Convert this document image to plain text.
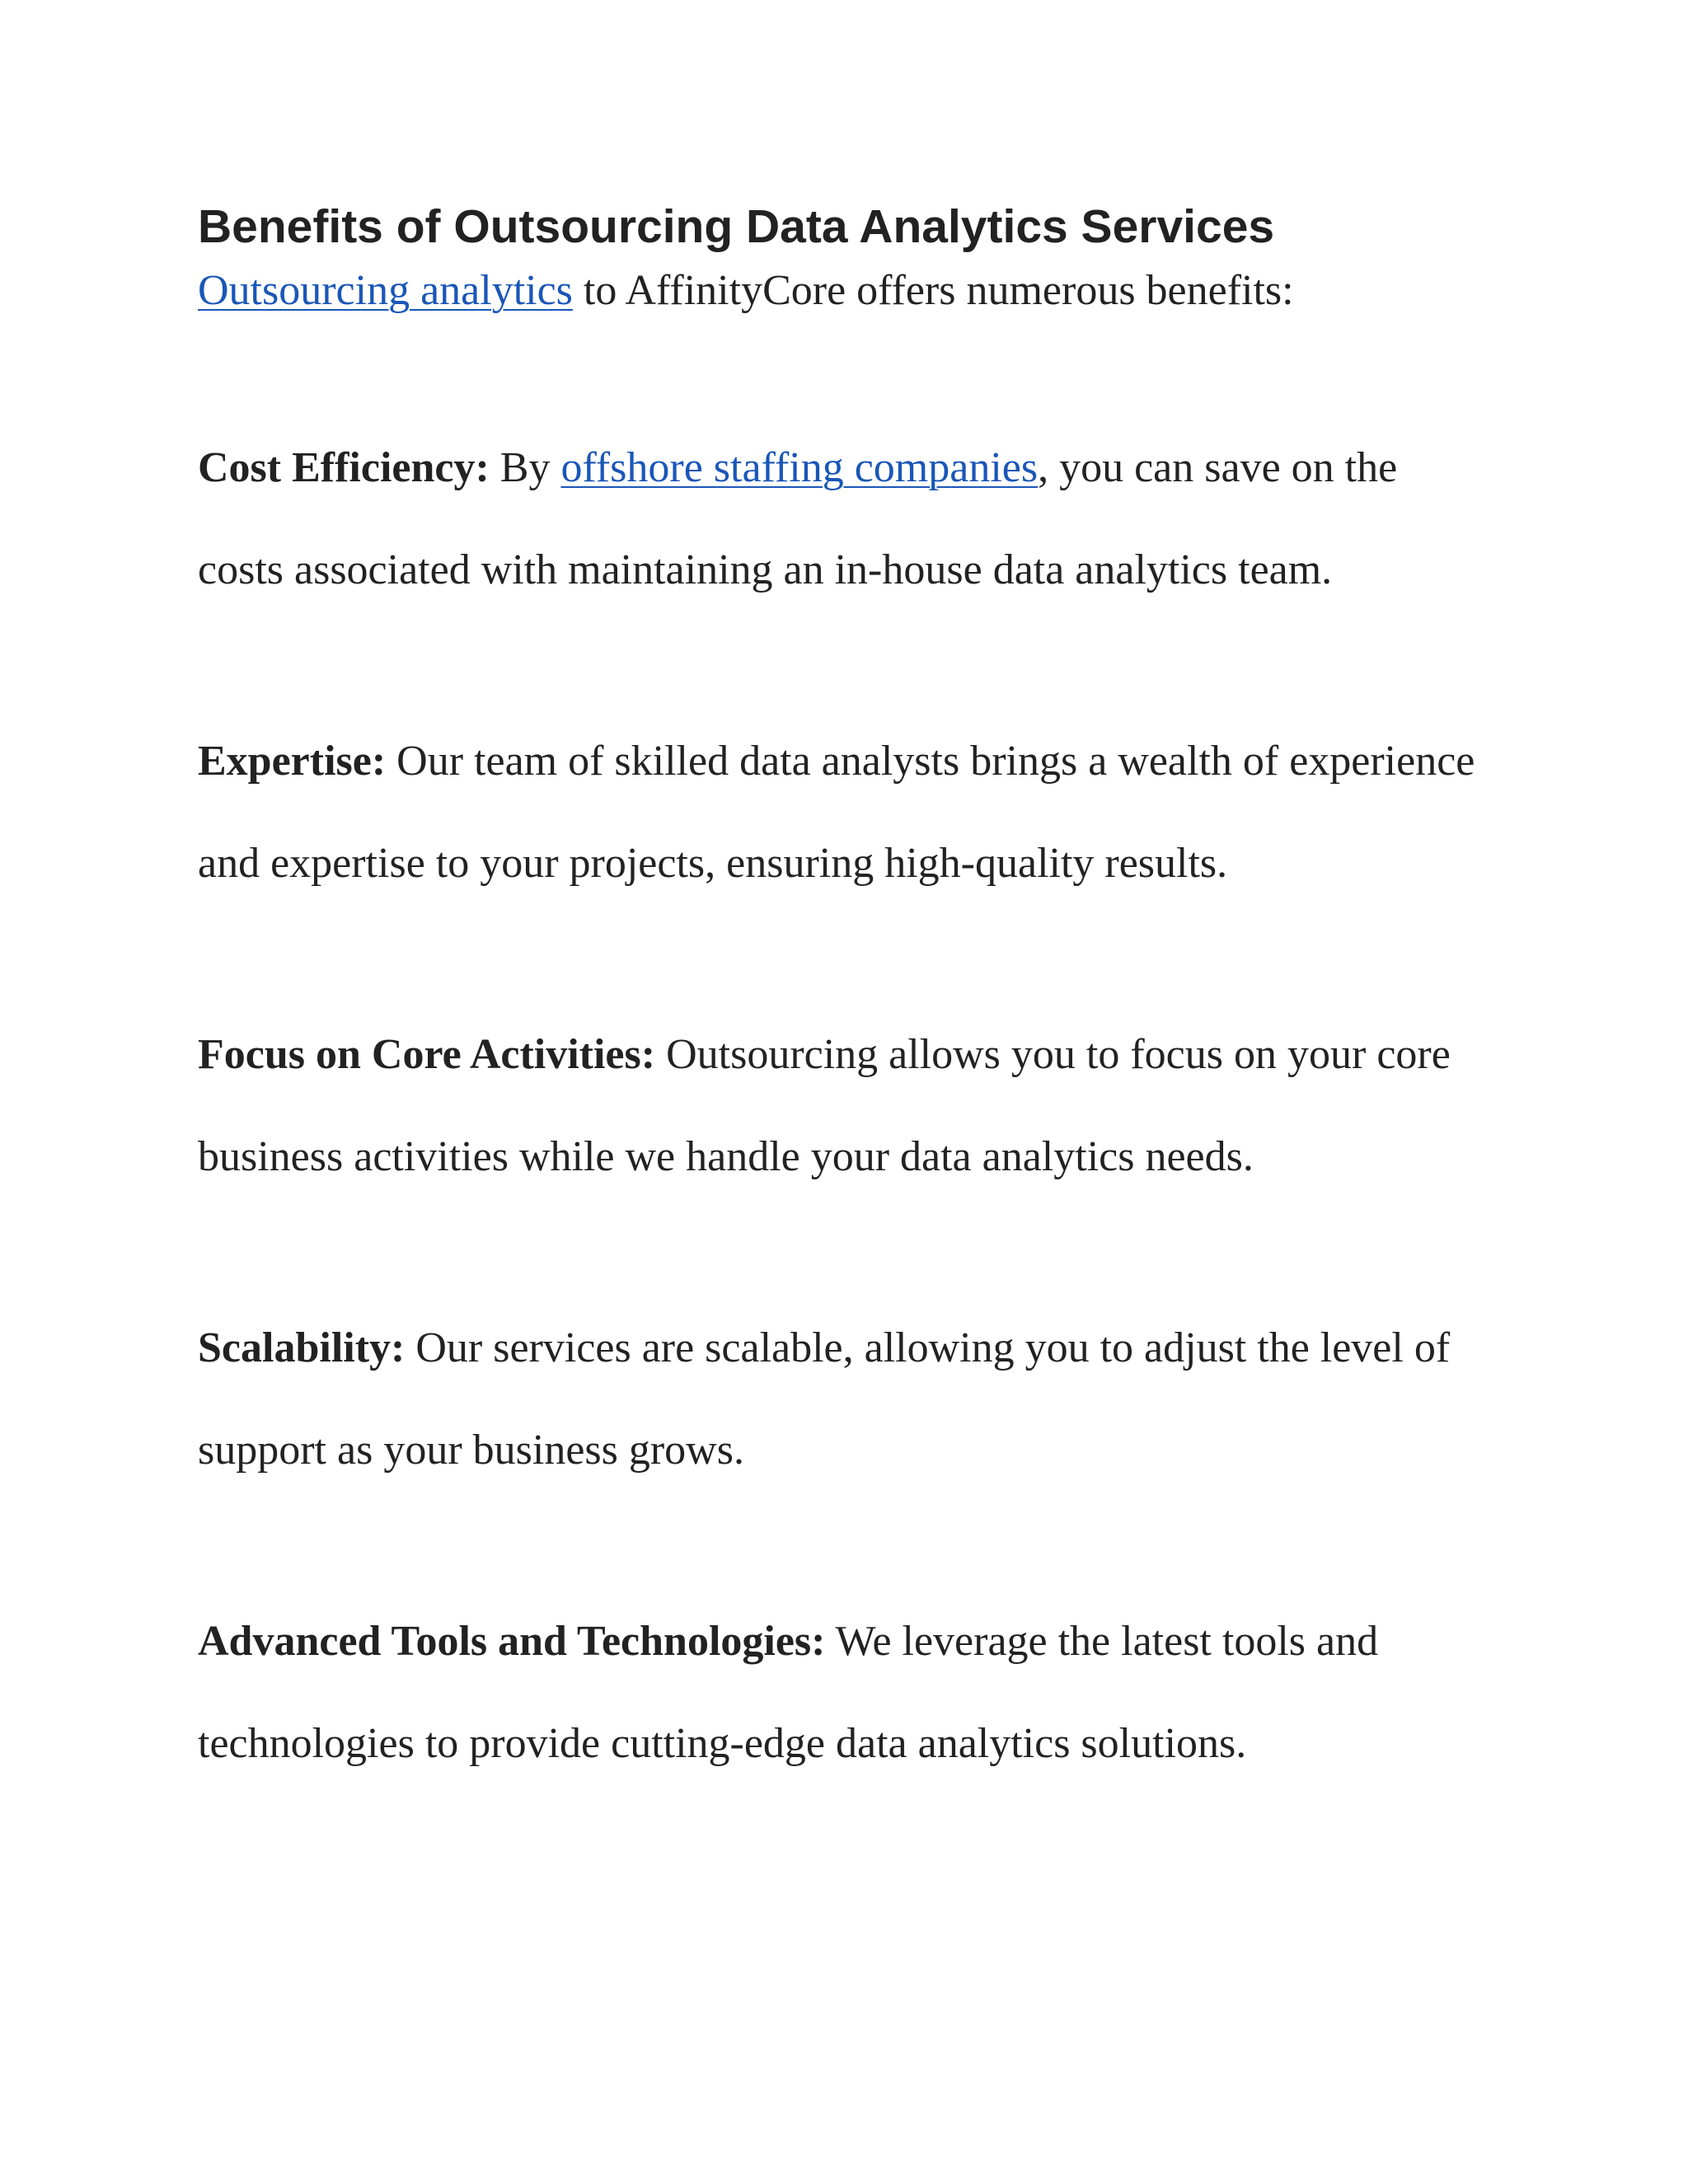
Benefits of Outsourcing Data Analytics Services

Outsourcing analytics to AffinityCore offers numerous benefits:

Cost Efficiency: By offshore staffing companies, you can save on the costs associated with maintaining an in-house data analytics team.

Expertise: Our team of skilled data analysts brings a wealth of experience and expertise to your projects, ensuring high-quality results.

Focus on Core Activities: Outsourcing allows you to focus on your core business activities while we handle your data analytics needs.

Scalability: Our services are scalable, allowing you to adjust the level of support as your business grows.

Advanced Tools and Technologies: We leverage the latest tools and technologies to provide cutting-edge data analytics solutions.
